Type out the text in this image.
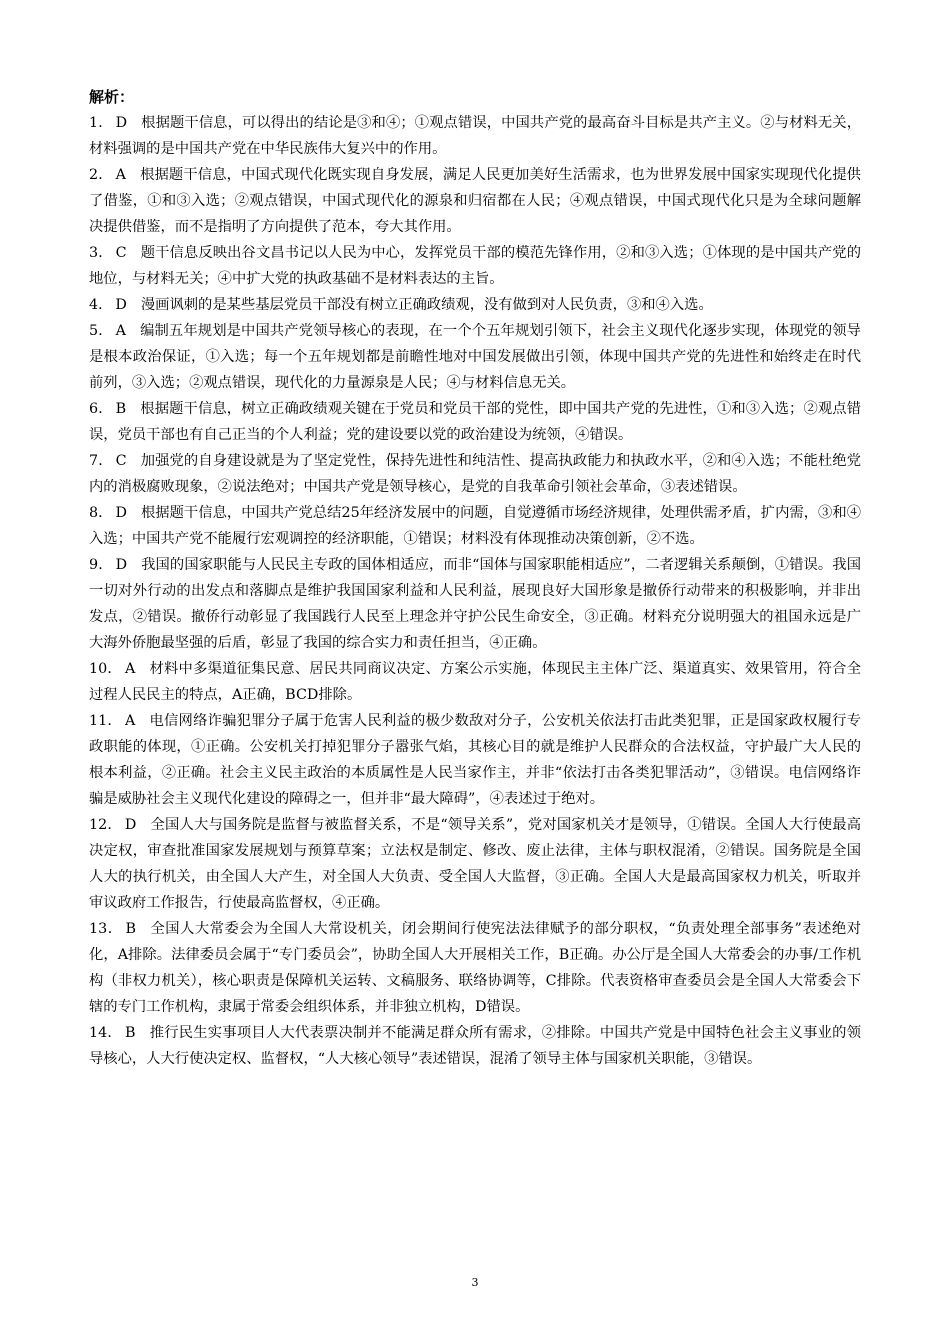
解析：

1． D 根据题干信息，可以得出的结论是③和④；①观点错误，中国共产党的最高奋斗目标是共产主义。②与材料无关，材料强调的是中国共产党在中华民族伟大复兴中的作用。

2． A 根据题干信息，中国式现代化既实现自身发展，满足人民更加美好生活需求，也为世界发展中国家实现现代化提供了借鉴，①和③入选；②观点错误，中国式现代化的源泉和归宿都在人民；④观点错误，中国式现代化只是为全球问题解决提供借鉴，而不是指明了方向提供了范本，夸大其作用。

3． C 题干信息反映出谷文昌书记以人民为中心，发挥党员干部的模范先锋作用，②和③入选；①体现的是中国共产党的地位，与材料无关；④中扩大党的执政基础不是材料表达的主旨。

4． D 漫画讽刺的是某些基层党员干部没有树立正确政绩观，没有做到对人民负责，③和④入选。

5． A 编制五年规划是中国共产党领导核心的表现，在一个个五年规划引领下，社会主义现代化逐步实现，体现党的领导是根本政治保证，①入选；每一个五年规划都是前瞻性地对中国发展做出引领，体现中国共产党的先进性和始终走在时代前列，③入选；②观点错误，现代化的力量源泉是人民；④与材料信息无关。

6． B 根据题干信息，树立正确政绩观关键在于党员和党员干部的党性，即中国共产党的先进性，①和③入选；②观点错误，党员干部也有自己正当的个人利益；党的建设要以党的政治建设为统领，④错误。

7． C 加强党的自身建设就是为了坚定党性，保持先进性和纯洁性、提高执政能力和执政水平，②和④入选；不能杜绝党内的消极腐败现象，②说法绝对；中国共产党是领导核心，是党的自我革命引领社会革命，③表述错误。

8． D 根据题干信息，中国共产党总结25年经济发展中的问题，自觉遵循市场经济规律，处理供需矛盾，扩内需，③和④入选；中国共产党不能履行宏观调控的经济职能，①错误；材料没有体现推动决策创新，②不选。

9． D 我国的国家职能与人民民主专政的国体相适应，而非“国体与国家职能相适应”，二者逻辑关系颠倒，①错误。我国一切对外行动的出发点和落脚点是维护我国国家利益和人民利益，展现良好大国形象是撤侨行动带来的积极影响，并非出发点，②错误。撤侨行动彰显了我国践行人民至上理念并守护公民生命安全，③正确。材料充分说明强大的祖国永远是广大海外侨胞最坚强的后盾，彰显了我国的综合实力和责任担当，④正确。

10． A 材料中多渠道征集民意、居民共同商议决定、方案公示实施，体现民主主体广泛、渠道真实、效果管用，符合全过程人民民主的特点，A正确，BCD排除。

11． A 电信网络诈骗犯罪分子属于危害人民利益的极少数敌对分子，公安机关依法打击此类犯罪，正是国家政权履行专政职能的体现，①正确。公安机关打掉犯罪分子嚣张气焰，其核心目的就是维护人民群众的合法权益，守护最广大人民的根本利益，②正确。社会主义民主政治的本质属性是人民当家作主，并非“依法打击各类犯罪活动”，③错误。电信网络诈骗是威胁社会主义现代化建设的障碍之一，但并非“最大障碍”，④表述过于绝对。

12． D 全国人大与国务院是监督与被监督关系，不是“领导关系”，党对国家机关才是领导，①错误。全国人大行使最高决定权，审查批准国家发展规划与预算草案；立法权是制定、修改、废止法律，主体与职权混淆，②错误。国务院是全国人大的执行机关，由全国人大产生，对全国人大负责、受全国人大监督，③正确。全国人大是最高国家权力机关，听取并审议政府工作报告，行使最高监督权，④正确。

13． B 全国人大常委会为全国人大常设机关，闭会期间行使宪法法律赋予的部分职权，“负责处理全部事务”表述绝对化，A排除。法律委员会属于“专门委员会”，协助全国人大开展相关工作，B正确。办公厅是全国人大常委会的办事/工作机构（非权力机关），核心职责是保障机关运转、文稿服务、联络协调等，C排除。代表资格审查委员会是全国人大常委会下辖的专门工作机构，隶属于常委会组织体系，并非独立机构，D错误。

14． B 推行民生实事项目人大代表票决制并不能满足群众所有需求，②排除。中国共产党是中国特色社会主义事业的领导核心，人大行使决定权、监督权，“人大核心领导”表述错误，混淆了领导主体与国家机关职能，③错误。

3
